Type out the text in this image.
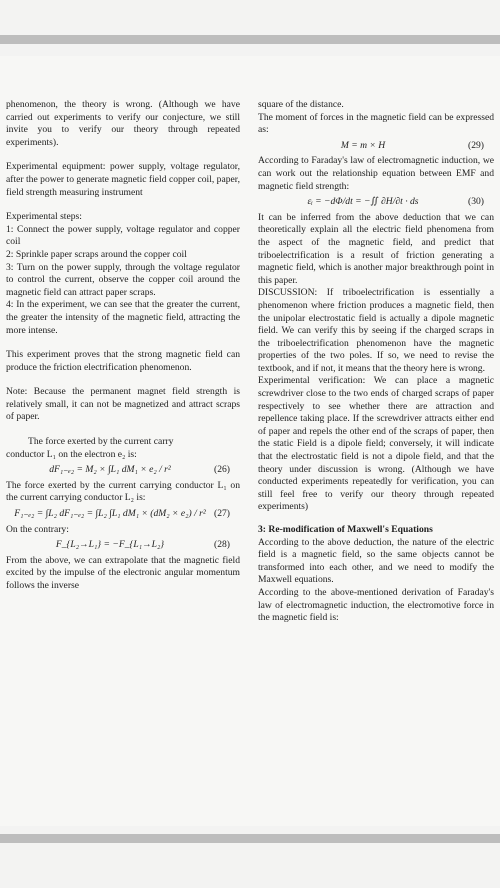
phenomenon, the theory is wrong. (Although we have carried out experiments to verify our conjecture, we still invite you to verify our theory through repeated experiments).

Experimental equipment: power supply, voltage regulator, after the power to generate magnetic field copper coil, paper, field strength measuring instrument

Experimental steps:

1: Connect the power supply, voltage regulator and copper coil

2: Sprinkle paper scraps around the copper coil

3: Turn on the power supply, through the voltage regulator to control the current, observe the copper coil around the magnetic field can attract paper scraps.

4: In the experiment, we can see that the greater the current, the greater the intensity of the magnetic field, attracting the more intense.

This experiment proves that the strong magnetic field can produce the friction electrification phenomenon.

Note: Because the permanent magnet field strength is relatively small, it can not be magnetized and attract scraps of paper.

The force exerted by the current carry

conductor L₁ on the electron e₂ is:

dF₁₋ₑ₂ = M₂ × ∫L₁ dM₁ × e₂ / r²	(26)

The force exerted by the current carrying conductor L₁ on the current carrying conductor L₂ is:

F₁₋ₑ₂ = ∫L₂ dF₁₋ₑ₂ = ∫L₂ ∫L₁ dM₁ × (dM₂ × e₂) / r² (27)

On the contrary:

F_{L₂→L₁} = −F_{L₁→L₂}	(28)

From the above, we can extrapolate that the magnetic field excited by the impulse of the electronic angular momentum follows the inverse

square of the distance.

The moment of forces in the magnetic field can be expressed as:

M = m × H	(29)

According to Faraday's law of electromagnetic induction, we can work out the relationship equation between EMF and magnetic field strength:

εᵢ = −dΦ/dt = −∬ ∂H/∂t · ds	(30)

It can be inferred from the above deduction that we can theoretically explain all the electric field phenomena from the aspect of the magnetic field, and predict that triboelectrification is a result of friction generating a magnetic field, which is another major breakthrough point in this paper.

DISCUSSION: If triboelectrification is essentially a phenomenon where friction produces a magnetic field, then the unipolar electrostatic field is actually a dipole magnetic field. We can verify this by seeing if the charged scraps in the triboelectrification phenomenon have the magnetic properties of the two poles. If so, we need to revise the textbook, and if not, it means that the theory here is wrong.

Experimental verification: We can place a magnetic screwdriver close to the two ends of charged scraps of paper respectively to see whether there are attraction and repellence taking place. If the screwdriver attracts either end of paper and repels the other end of the scraps of paper, then the static Field is a dipole field; conversely, it will indicate that the electrostatic field is not a dipole field, and that the theory under discussion is wrong. (Although we have conducted experiments repeatedly for verification, you can still feel free to verify our theory through repeated experiments)

3: Re-modification of Maxwell's Equations

According to the above deduction, the nature of the electric field is a magnetic field, so the same objects cannot be transformed into each other, and we need to modify the Maxwell equations.

According to the above-mentioned derivation of Faraday's law of electromagnetic induction, the electromotive force in the magnetic field is:
